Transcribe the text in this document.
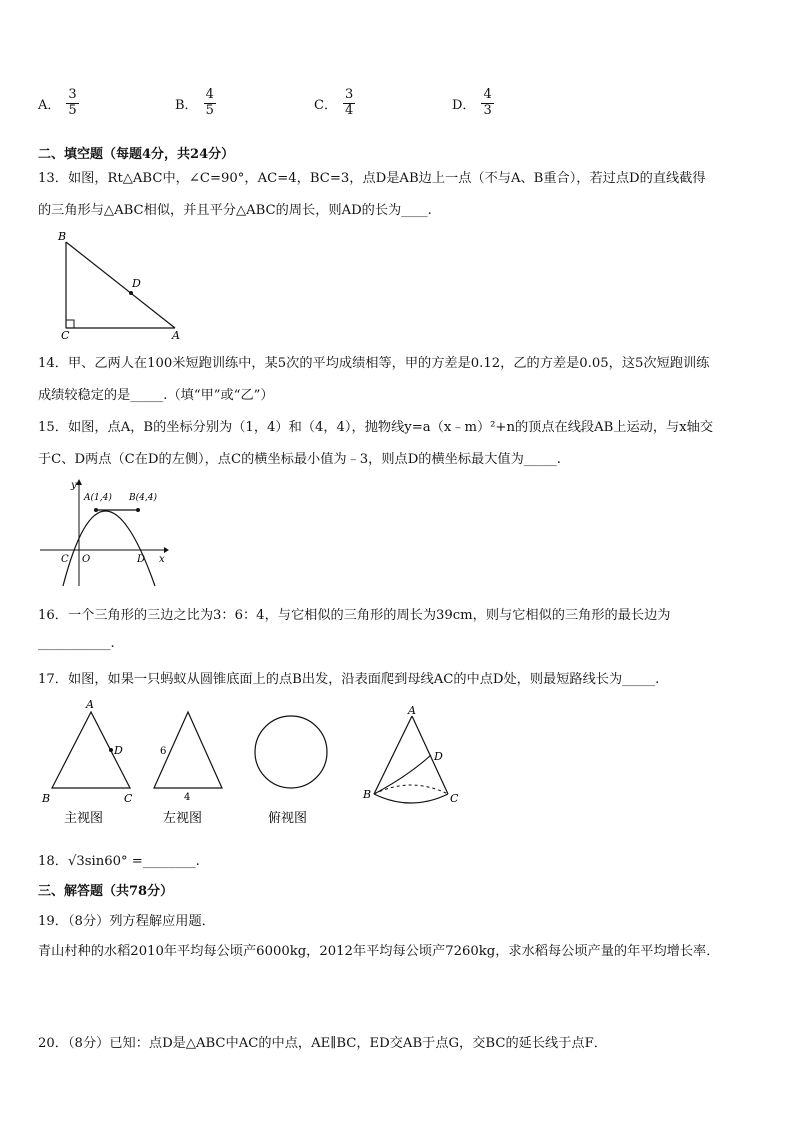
A． $\frac{3}{5}$	B． $\frac{4}{5}$	C． $\frac{3}{4}$	D． $\frac{4}{3}$
二、填空题（每题4分，共24分）
13．如图，Rt△ABC中，∠C=90°，AC=4，BC=3，点D是AB边上一点（不与A、B重合），若过点D的直线截得
的三角形与△ABC相似，并且平分△ABC的周长，则AD的长为____.
B
C
D
A
14．甲、乙两人在100米短跑训练中，某5次的平均成绩相等，甲的方差是0.12，乙的方差是0.05，这5次短跑训练
成绩较稳定的是_____.（填“甲”或“乙”）
15．如图，点A，B的坐标分别为（1，4）和（4，4），抛物线y=a（x﹣m）²+n的顶点在线段AB上运动，与x轴交
于C、D两点（C在D的左侧），点C的横坐标最小值为﹣3，则点D的横坐标最大值为_____.
y
x
A(1,4) B(4,4)
C O	D
16．一个三角形的三边之比为3：6：4，与它相似的三角形的周长为39cm，则与它相似的三角形的最长边为
___________.
17．如图，如果一只蚂蚁从圆锥底面上的点B出发，沿表面爬到母线AC的中点D处，则最短路线长为_____.
A
D
B	C
6
4
A
D
B	C
主视图	左视图	俯视图
18．√3sin60° =________.
三、解答题（共78分）
19．（8分）列方程解应用题．
青山村种的水稻2010年平均每公顷产6000kg，2012年平均每公顷产7260kg，求水稻每公顷产量的年平均增长率．
20．（8分）已知：点D是△ABC中AC的中点，AE∥BC，ED交AB于点G，交BC的延长线于点F．
